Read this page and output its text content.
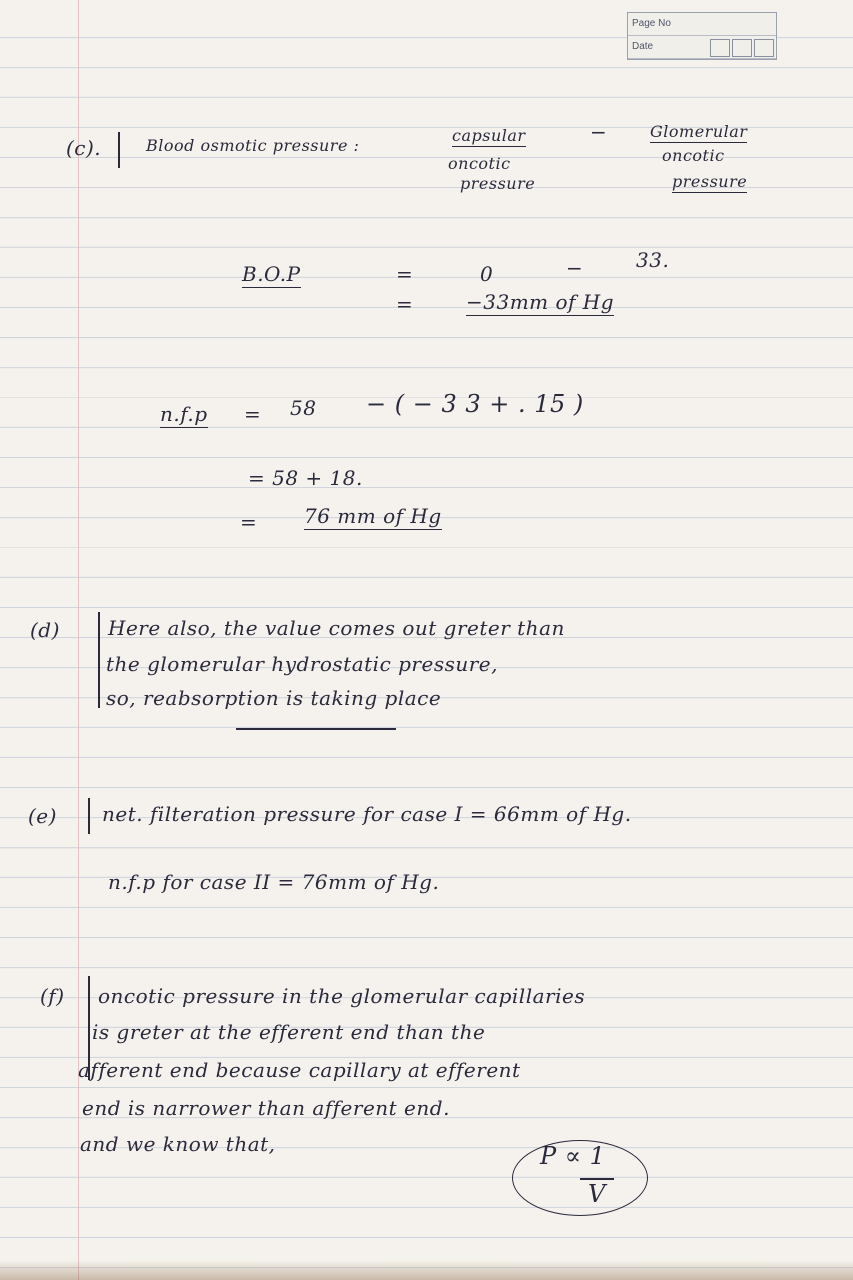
Page No
Date
(c).	Blood osmotic pressure :
capsular
oncotic
pressure
−	Glomerular
oncotic
pressure
B.O.P	=	0	−	33.
=	−33mm of Hg
n.f.p = 58 − ( − 3 3 + . 15 )
= 58 + 18.
= 76 mm of Hg
(d) Here also, the value comes out greter than
the glomerular hydrostatic pressure,
so, reabsorption is taking place
(e) net. filteration pressure for case I = 66mm of Hg.
n.f.p for case II = 76mm of Hg.
(f) oncotic pressure in the glomerular capillaries
is greter at the efferent end than the
afferent end because capillary at efferent
end is narrower than afferent end.
and we know that,	P ∝ 1
V
